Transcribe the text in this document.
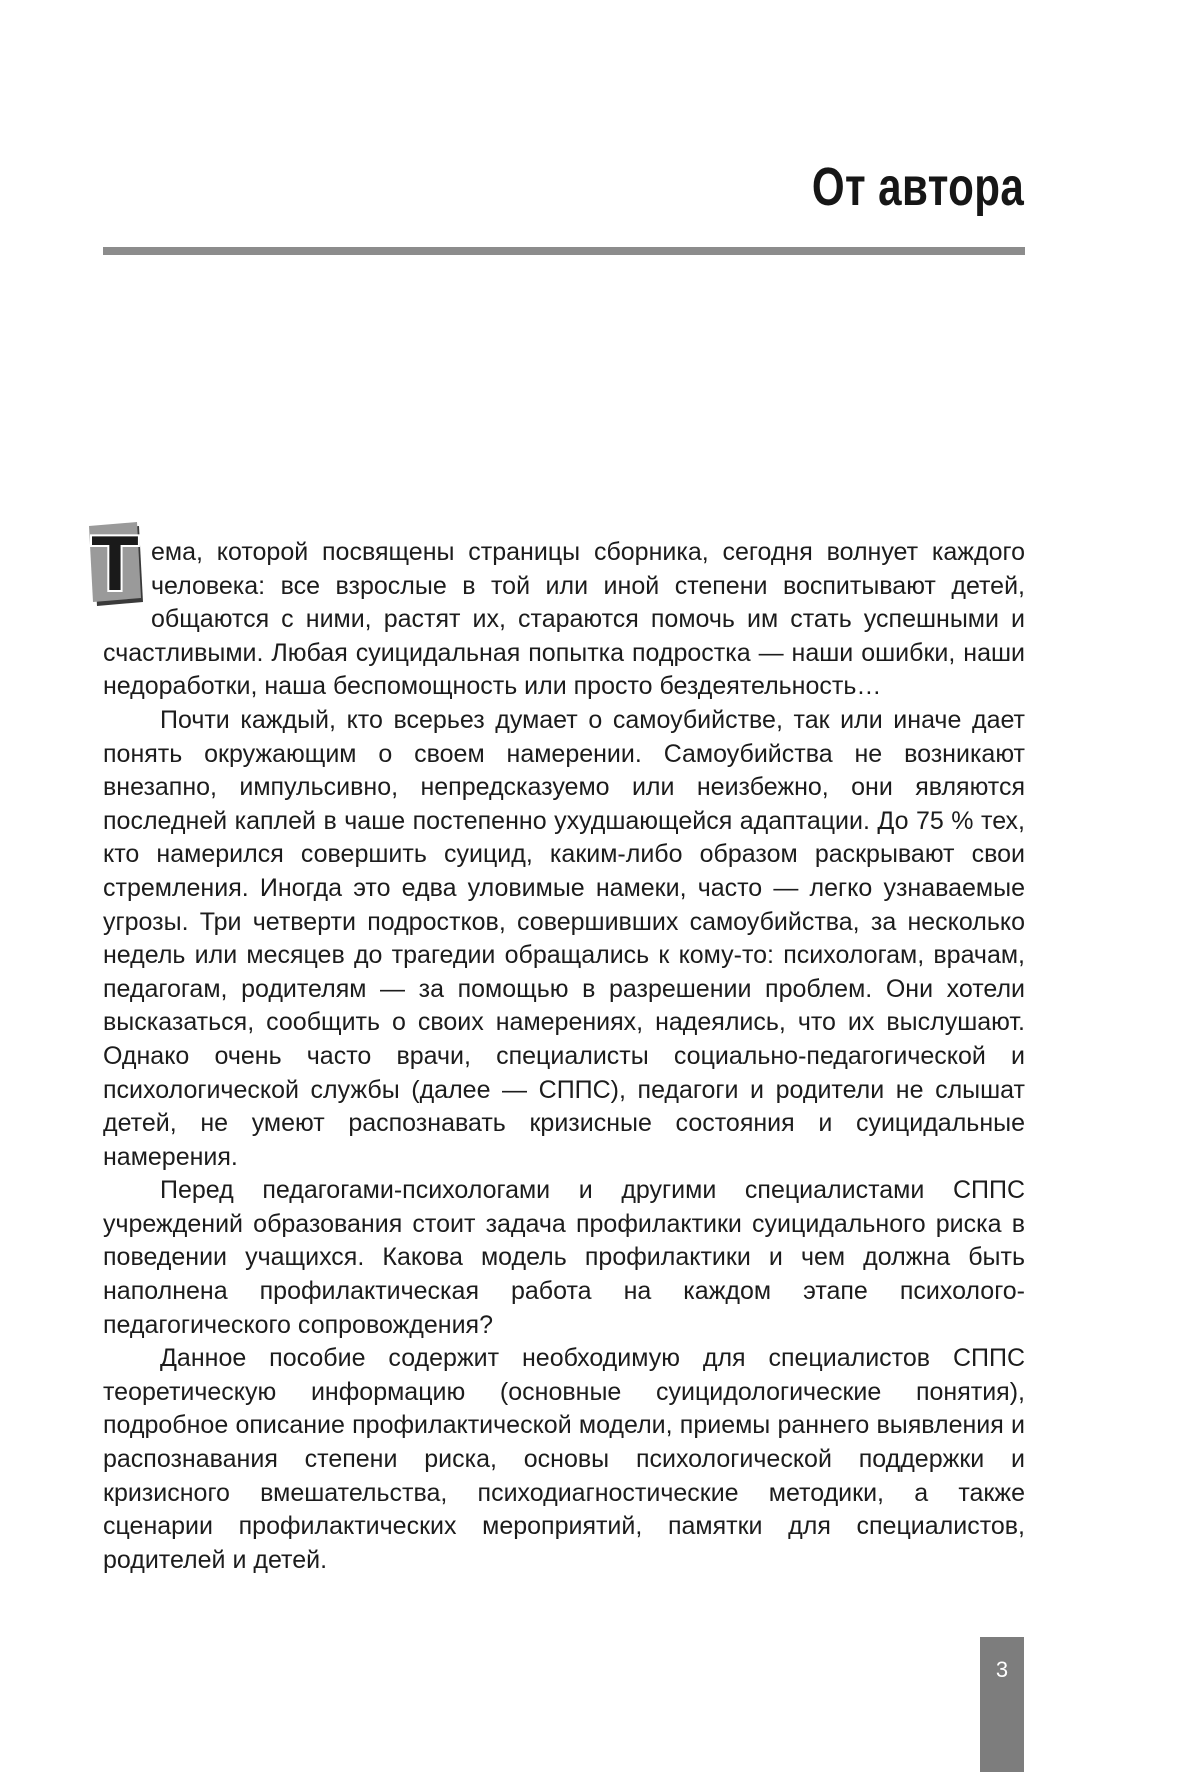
От автора

Т ема, которой посвящены страницы сборника, сегодня волнует каждого человека: все взрослые в той или иной степени воспитывают детей, общаются с ними, растят их, стараются помочь им стать успешными и счастливыми. Любая суицидальная попытка подростка — наши ошибки, наши недоработки, наша беспомощность или просто бездеятельность…

Почти каждый, кто всерьез думает о самоубийстве, так или иначе дает понять окружающим о своем намерении. Самоубийства не возникают внезапно, импульсивно, непредсказуемо или неизбежно, они являются последней каплей в чаше постепенно ухудшающейся адаптации. До 75 % тех, кто намерился совершить суицид, каким-либо образом раскрывают свои стремления. Иногда это едва уловимые намеки, часто — легко узнаваемые угрозы. Три четверти подростков, совершивших самоубийства, за несколько недель или месяцев до трагедии обращались к кому-то: психологам, врачам, педагогам, родителям — за помощью в разрешении проблем. Они хотели высказаться, сообщить о своих намерениях, надеялись, что их выслушают. Однако очень часто врачи, специалисты социально-педагогической и психологической службы (далее — СППС), педагоги и родители не слышат детей, не умеют распознавать кризисные состояния и суицидальные намерения.

Перед педагогами-психологами и другими специалистами СППС учреждений образования стоит задача профилактики суицидального риска в поведении учащихся. Какова модель профилактики и чем должна быть наполнена профилактическая работа на каждом этапе психолого-педагогического сопровождения?

Данное пособие содержит необходимую для специалистов СППС теоретическую информацию (основные суицидологические понятия), подробное описание профилактической модели, приемы раннего выявления и распознавания степени риска, основы психологической поддержки и кризисного вмешательства, психодиагностические методики, а также сценарии профилактических мероприятий, памятки для специалистов, родителей и детей.

3
